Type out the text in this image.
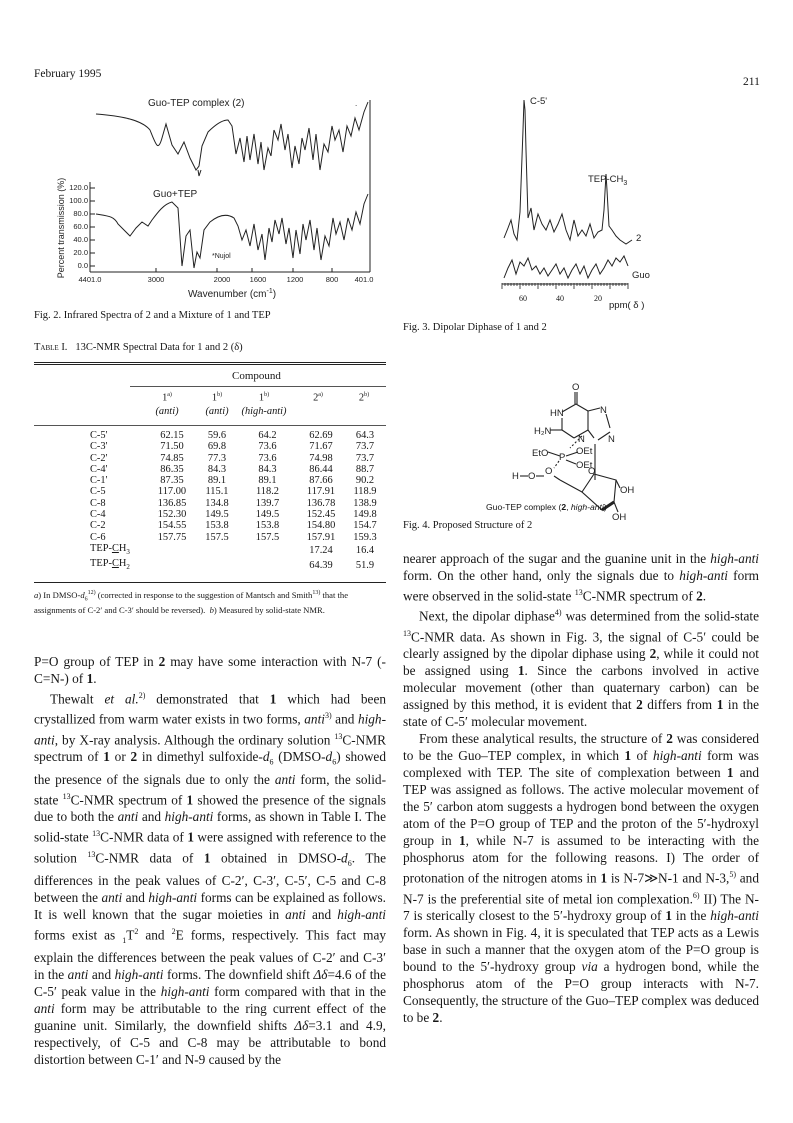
February 1995
211
120.0
100.0
80.0
60.0
40.0
20.0
0.0
4401.0	3000	2000	1600	1200	800 401.0
Percent transmission (%)
Wavenumber $(cm^{-1})$
Guo-TEP complex (2)
Guo+TEP
*Nujol
.
Fig. 2. Infrared Spectra of 2 and a Mixture of 1 and TEP
Table I. 13C-NMR Spectral Data for 1 and 2 (δ)
Compound
1$^{a)}$
(anti)
1$^{b)}$
(anti)
1$^{b)}$
(high-anti)
2$^{a)}$	2$^{b)}$
C-5'	62.15	59.6	64.2	62.69	64.3
C-3'	71.50	69.8	73.6	71.67	73.7
C-2'	74.85	77.3	73.6	74.98	73.7
C-4'	86.35	84.3	84.3	86.44	88.7
C-1'	87.35	89.1	89.1	87.66	90.2
C-5	117.00	115.1	118.2	117.91	118.9
C-8	136.85	134.8	139.7	136.78	138.9
C-4	152.30	149.5	149.5	152.45	149.8
C-2	154.55	153.8	153.8	154.80	154.7
C-6	157.75	157.5	157.5	157.91	159.3
TEP-$CH_3$				17.24	16.4
TEP-$CH_2$				64.39	51.9
a) In DMSO-$d_6^{12)}$ (corrected in response to the suggestion of Mantsch and Smith$^{13)}$ that the assignments of C-2′ and C-3′ should be reversed).  b) Measured by solid-state NMR.

P=O group of TEP in 2 may have some interaction with N-7 (-C=N-) of 1.

Thewalt et al.$^{2)}$ demonstrated that 1 which had been crystallized from warm water exists in two forms, anti$^{3)}$ and high-anti, by X-ray analysis. Although the ordinary solution $^{13}$C-NMR spectrum of 1 or 2 in dimethyl sulfoxide-$d_6$ $(DMSO-d_6)$ showed the presence of the signals due to only the anti form, the solid-state $^{13}$C-NMR spectrum of 1 showed the presence of the signals due to both the anti and high-anti forms, as shown in Table I. The solid-state $^{13}$C-NMR data of 1 were assigned with reference to the solution $^{13}$C-NMR data of 1 obtained in DMSO-$d_6$. The differences in the peak values of C-2′, C-3′, C-5′, C-5 and C-8 between the anti and high-anti forms can be explained as follows. It is well known that the sugar moieties in anti and high-anti forms exist as $_1T^2$ and $^2$E forms, respectively. This fact may explain the differences between the peak values of C-2′ and C-3′ in the anti and high-anti forms. The downfield shift Δδ=4.6 of the C-5′ peak value in the high-anti form compared with that in the anti form may be attributable to the ring current effect of the guanine unit. Similarly, the downfield shifts Δδ=3.1 and 4.9, respectively, of C-5 and C-8 may be attributable to bond distortion between C-1′ and N-9 caused by the

C-5'
TEP-$CH_3$
2
Guo
60	40	20
ppm( δ )
Fig. 3. Dipolar Diphase of 1 and 2
O
HN	N
H₂N
N N
EtO P
OEt
OEt
O
H O	O
OH
OH
Guo-TEP complex (2, high-anti)
Fig. 4. Proposed Structure of 2

nearer approach of the sugar and the guanine unit in the high-anti form. On the other hand, only the signals due to high-anti form were observed in the solid-state $^{13}$C-NMR spectrum of 2.

Next, the dipolar diphase$^{4)}$ was determined from the solid-state $^{13}$C-NMR data. As shown in Fig. 3, the signal of C-5′ could be clearly assigned by the dipolar diphase using 2, while it could not be assigned using 1. Since the carbons involved in active molecular movement (other than quaternary carbon) can be assigned by this method, it is evident that 2 differs from 1 in the state of C-5′ molecular movement.

From these analytical results, the structure of 2 was considered to be the Guo–TEP complex, in which 1 of high-anti form was complexed with TEP. The site of complexation between 1 and TEP was assigned as follows. The active molecular movement of the 5′ carbon atom suggests a hydrogen bond between the oxygen atom of the P=O group of TEP and the proton of the 5′-hydroxyl group in 1, while N-7 is assumed to be interacting with the phosphorus atom for the following reasons. I) The order of protonation of the nitrogen atoms in 1 is N-7≫N-1 and N-3,$^{5)}$ and N-7 is the preferential site of metal ion complexation.$^{6)}$ II) The N-7 is sterically closest to the 5′-hydroxy group of 1 in the high-anti form. As shown in Fig. 4, it is speculated that TEP acts as a Lewis base in such a manner that the oxygen atom of the P=O group is bound to the 5′-hydroxy group via a hydrogen bond, while the phosphorus atom of the P=O group interacts with N-7. Consequently, the structure of the Guo–TEP complex was deduced to be 2.
